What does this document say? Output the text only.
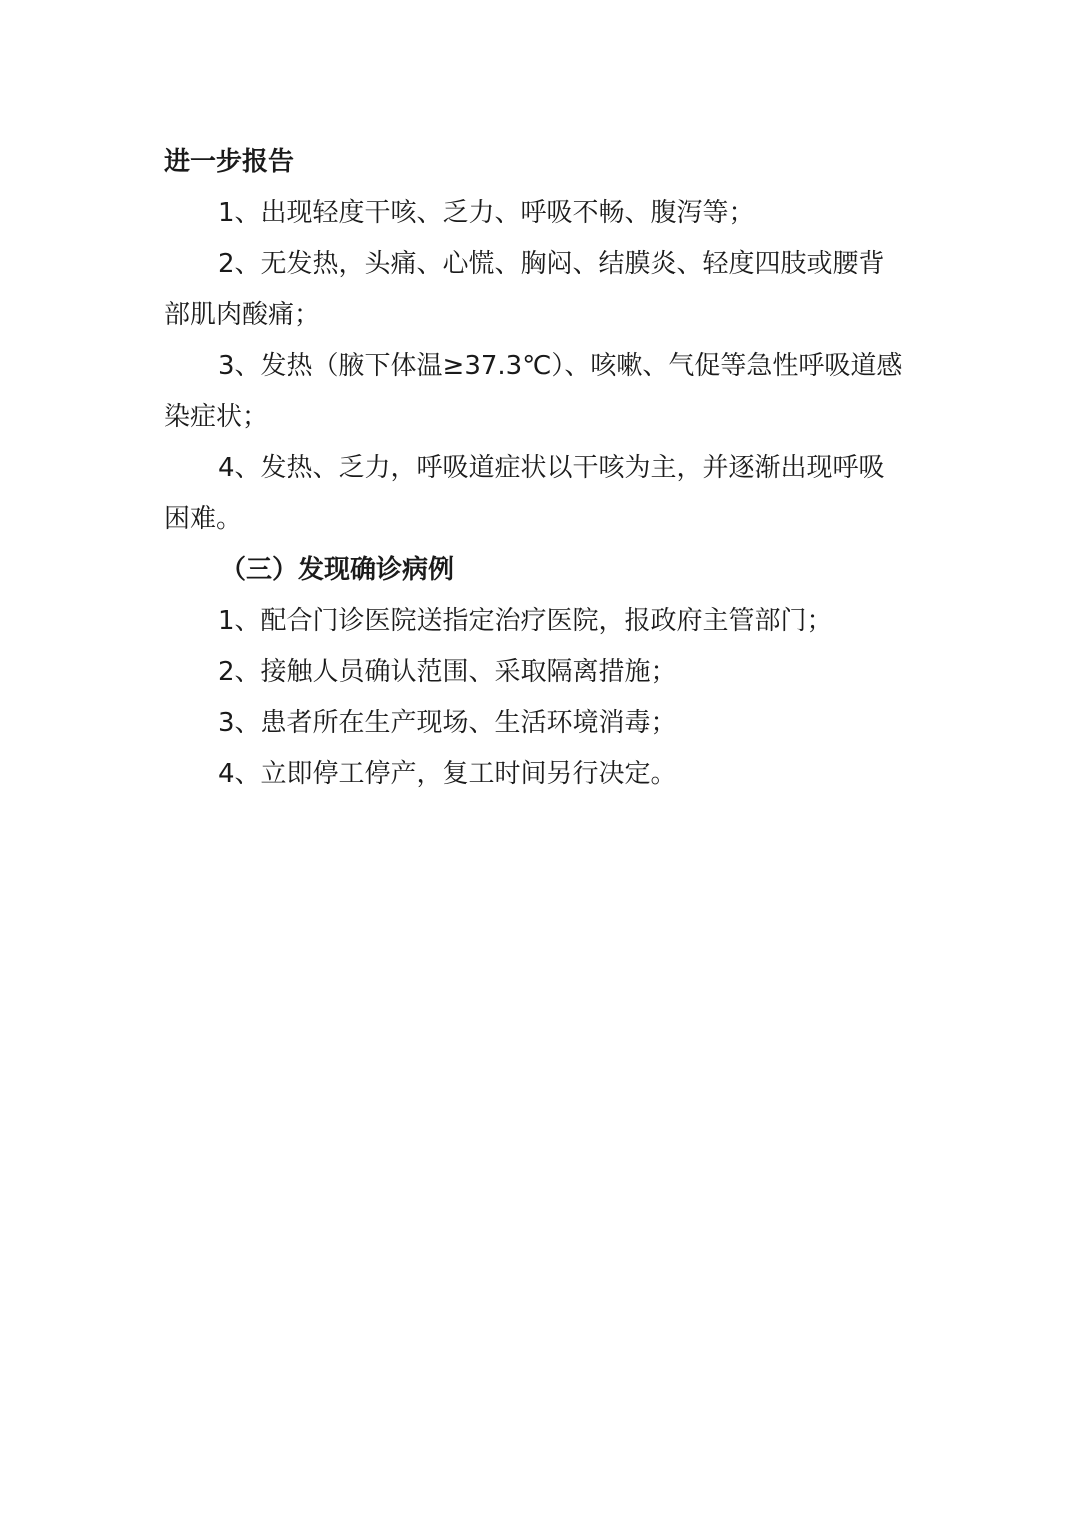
进一步报告
1、出现轻度干咳、乏力、呼吸不畅、腹泻等；
2、无发热，头痛、心慌、胸闷、结膜炎、轻度四肢或腰背
部肌肉酸痛；
3、发热（腋下体温≥37.3℃）、咳嗽、气促等急性呼吸道感
染症状；
4、发热、乏力，呼吸道症状以干咳为主，并逐渐出现呼吸
困难。
（三）发现确诊病例
1、配合门诊医院送指定治疗医院，报政府主管部门；
2、接触人员确认范围、采取隔离措施；
3、患者所在生产现场、生活环境消毒；
4、立即停工停产，复工时间另行决定。
